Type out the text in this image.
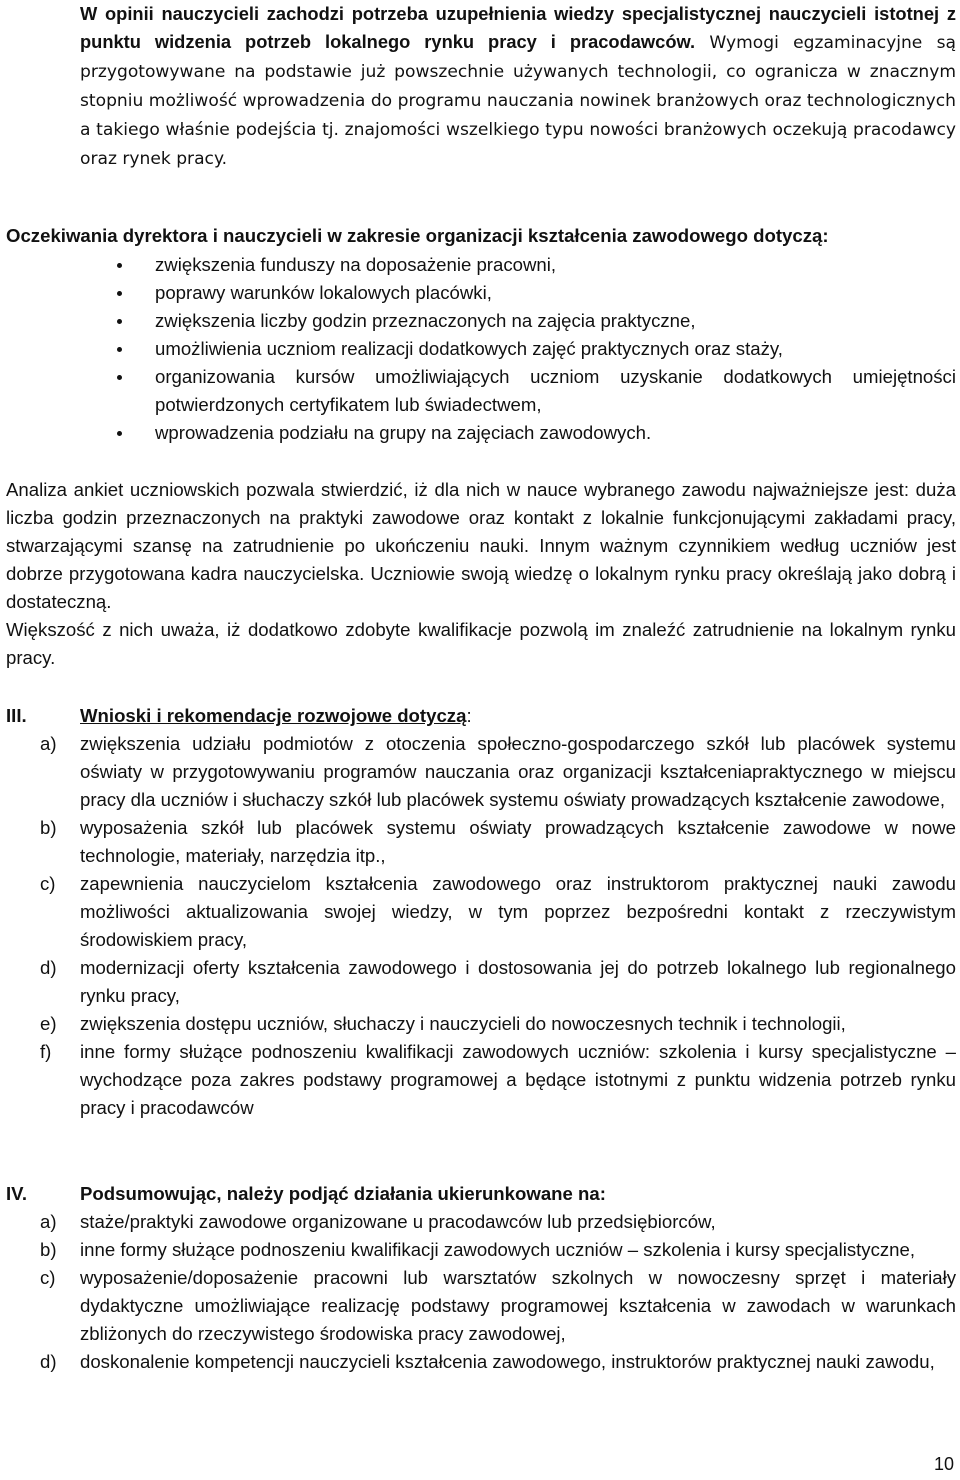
W opinii nauczycieli zachodzi potrzeba uzupełnienia wiedzy specjalistycznej nauczycieli istotnej z punktu widzenia potrzeb lokalnego rynku pracy i pracodawców. Wymogi egzaminacyjne są przygotowywane na podstawie już powszechnie używanych technologii, co ogranicza w znacznym stopniu możliwość wprowadzenia do programu nauczania nowinek branżowych oraz technologicznych a takiego właśnie podejścia tj. znajomości wszelkiego typu nowości branżowych oczekują pracodawcy oraz rynek pracy.

Oczekiwania dyrektora i nauczycieli w zakresie organizacji kształcenia zawodowego dotyczą:
zwiększenia funduszy na doposażenie pracowni,
poprawy warunków lokalowych placówki,
zwiększenia liczby godzin przeznaczonych na zajęcia praktyczne,
umożliwienia uczniom realizacji dodatkowych zajęć praktycznych oraz staży,
organizowania kursów umożliwiających uczniom uzyskanie dodatkowych umiejętności potwierdzonych certyfikatem lub świadectwem,
wprowadzenia podziału na grupy na zajęciach zawodowych.

Analiza ankiet uczniowskich pozwala stwierdzić, iż dla nich w nauce wybranego zawodu najważniejsze jest: duża liczba godzin przeznaczonych na praktyki zawodowe oraz kontakt z lokalnie funkcjonującymi zakładami pracy, stwarzającymi szansę na zatrudnienie po ukończeniu nauki. Innym ważnym czynnikiem według uczniów jest dobrze przygotowana kadra nauczycielska. Uczniowie swoją wiedzę o lokalnym rynku pracy określają jako dobrą i dostateczną.

Większość z nich uważa, iż dodatkowo zdobyte kwalifikacje pozwolą im znaleźć zatrudnienie na lokalnym rynku pracy.

III.	Wnioski i rekomendacje rozwojowe dotyczą:
a) zwiększenia udziału podmiotów z otoczenia społeczno-gospodarczego szkół lub placówek systemu oświaty w przygotowywaniu programów nauczania oraz organizacji kształceniapraktycznego w miejscu pracy dla uczniów i słuchaczy szkół lub placówek systemu oświaty prowadzących kształcenie zawodowe,
b) wyposażenia szkół lub placówek systemu oświaty prowadzących kształcenie zawodowe w nowe technologie, materiały, narzędzia itp.,
c) zapewnienia nauczycielom kształcenia zawodowego oraz instruktorom praktycznej nauki zawodu możliwości aktualizowania swojej wiedzy, w tym poprzez bezpośredni kontakt z rzeczywistym środowiskiem pracy,
d) modernizacji oferty kształcenia zawodowego i dostosowania jej do potrzeb lokalnego lub regionalnego rynku pracy,
e) zwiększenia dostępu uczniów, słuchaczy i nauczycieli do nowoczesnych technik i technologii,
f) inne formy służące podnoszeniu kwalifikacji zawodowych uczniów: szkolenia i kursy specjalistyczne – wychodzące poza zakres podstawy programowej a będące istotnymi z punktu widzenia potrzeb rynku pracy i pracodawców
IV.	Podsumowując, należy podjąć działania ukierunkowane na:
a) staże/praktyki zawodowe organizowane u pracodawców lub przedsiębiorców,
b) inne formy służące podnoszeniu kwalifikacji zawodowych uczniów – szkolenia i kursy specjalistyczne,
c) wyposażenie/doposażenie pracowni lub warsztatów szkolnych w nowoczesny sprzęt i materiały dydaktyczne umożliwiające realizację podstawy programowej kształcenia w zawodach w warunkach zbliżonych do rzeczywistego środowiska pracy zawodowej,
d) doskonalenie kompetencji nauczycieli kształcenia zawodowego, instruktorów praktycznej nauki zawodu,
10
